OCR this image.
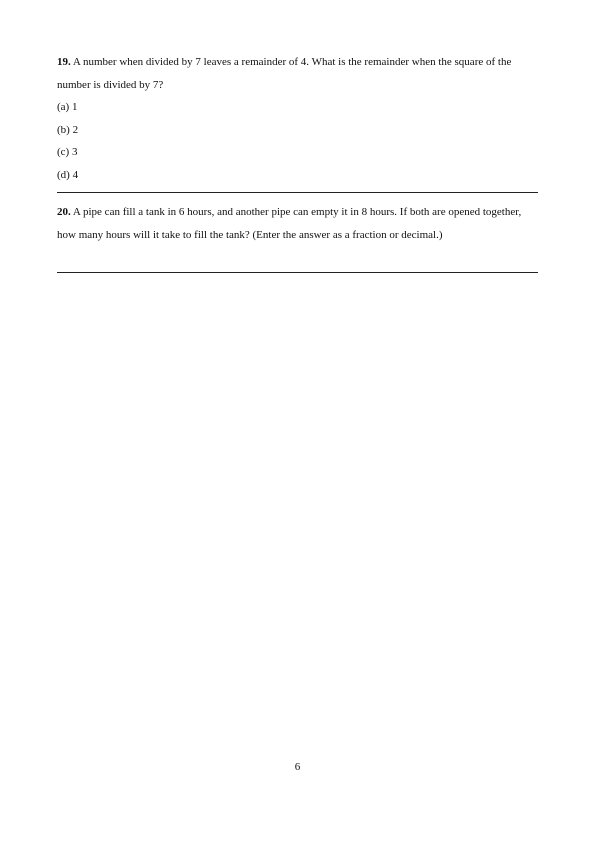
19. A number when divided by 7 leaves a remainder of 4. What is the remainder when the square of the number is divided by 7?
(a) 1
(b) 2
(c) 3
(d) 4
20. A pipe can fill a tank in 6 hours, and another pipe can empty it in 8 hours. If both are opened together, how many hours will it take to fill the tank? (Enter the answer as a fraction or decimal.)
6
